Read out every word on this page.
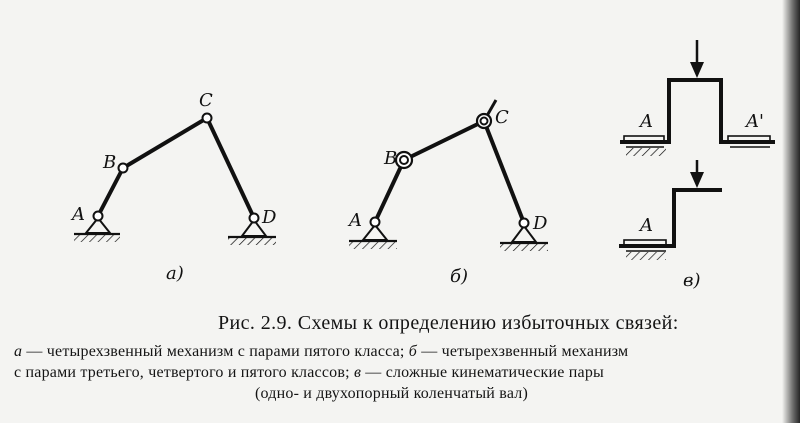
A
B
C
D
а)
A
B
C
D
б)
A	A'
A
в)
Рис. 2.9. Схемы к определению избыточных связей:
а — четырехзвенный механизм с парами пятого класса; б — четырехзвенный механизм
с парами третьего, четвертого и пятого классов; в — сложные кинематические пары
(одно- и двухопорный коленчатый вал)
